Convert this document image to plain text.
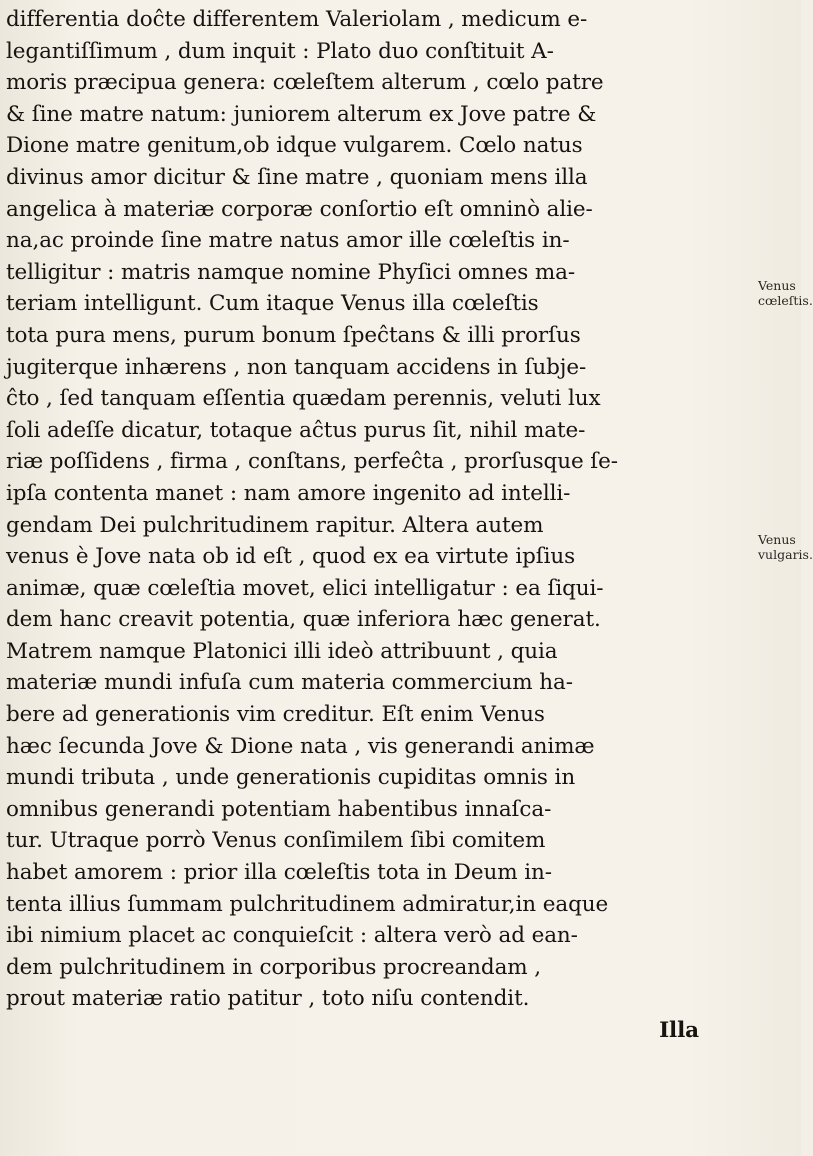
differentia doĉte differentem Valeriolam , medicum e-
legantiſſimum , dum inquit : Plato duo conſtituit A-
moris præcipua genera: cœleſtem alterum , cœlo patre
& ſine matre natum: juniorem alterum ex Jove patre &
Dione matre genitum,ob idque vulgarem. Cœlo natus
divinus amor dicitur & ſine matre , quoniam mens illa
angelica à materiæ corporæ conſortio eſt omninò alie-
na,ac proinde ſine matre natus amor ille cœleſtis in-
telligitur : matris namque nomine Phyſici omnes ma-
teriam intelligunt. Cum itaque Venus illa cœleſtis
tota pura mens, purum bonum ſpeĉtans & illi prorſus
jugiterque inhærens , non tanquam accidens in ſubje-
ĉto , ſed tanquam eſſentia quædam perennis, veluti lux
ſoli adeſſe dicatur, totaque aĉtus purus ſit, nihil mate-
riæ poſſidens , firma , conſtans, perfeĉta , prorſusque ſe-
ipſa contenta manet : nam amore ingenito ad intelli-
gendam Dei pulchritudinem rapitur. Altera autem
venus è Jove nata ob id eſt , quod ex ea virtute ipſius
animæ, quæ cœleſtia movet, elici intelligatur : ea ſiqui-
dem hanc creavit potentia, quæ inferiora hæc generat.
Matrem namque Platonici illi ideò attribuunt , quia
materiæ mundi infuſa cum materia commercium ha-
bere ad generationis vim creditur. Eſt enim Venus
hæc ſecunda Jove & Dione nata , vis generandi animæ
mundi tributa , unde generationis cupiditas omnis in
omnibus generandi potentiam habentibus innaſca-
tur. Utraque porrò Venus conſimilem ſibi comitem
habet amorem : prior illa cœleſtis tota in Deum in-
tenta illius ſummam pulchritudinem admiratur,in eaque
ibi nimium placet ac conquieſcit : altera verò ad ean-
dem pulchritudinem in corporibus procreandam ,
prout materiæ ratio patitur , toto niſu contendit.
Illa
Venus
cœleſtis.
Venus
vulgaris.
